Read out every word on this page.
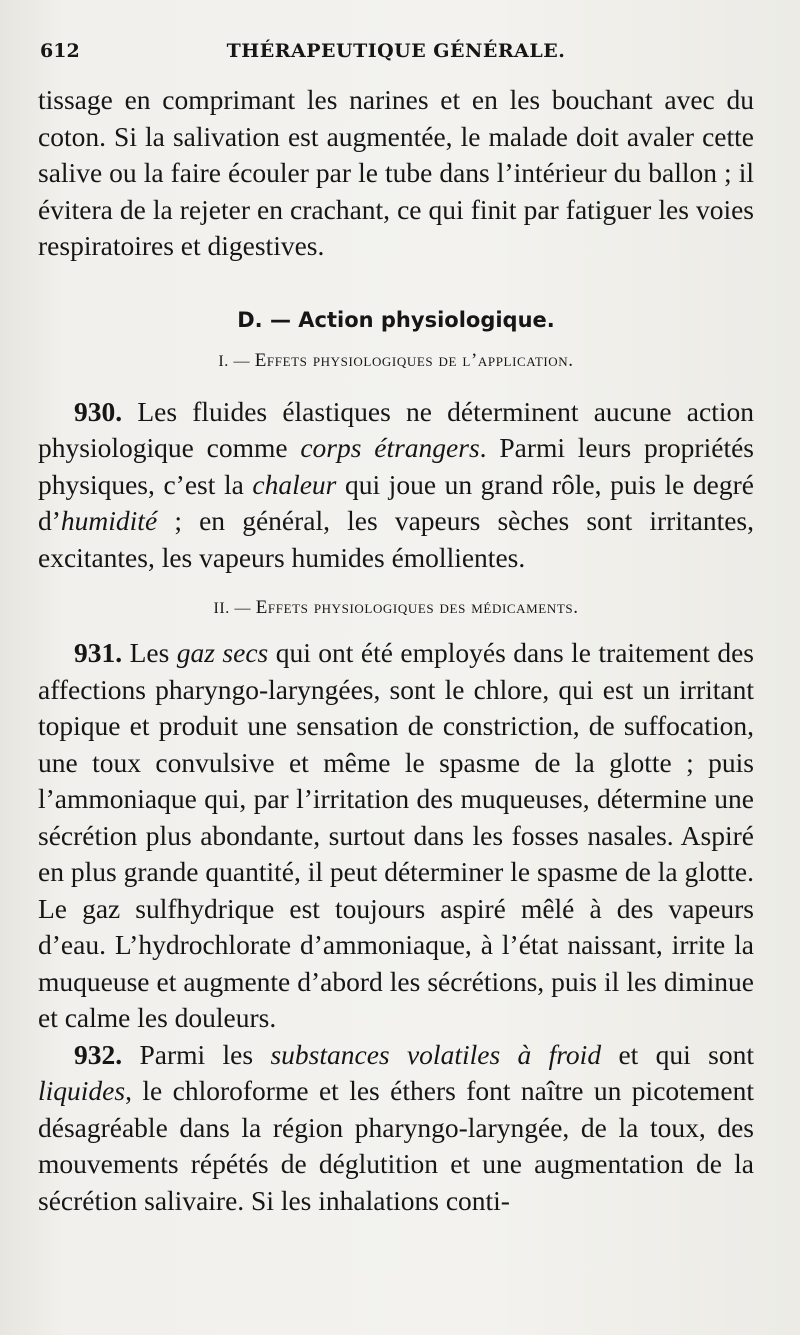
612	THÉRAPEUTIQUE GÉNÉRALE.

tissage en comprimant les narines et en les bouchant avec du coton. Si la salivation est augmentée, le malade doit avaler cette salive ou la faire écouler par le tube dans l’intérieur du ballon ; il évitera de la rejeter en crachant, ce qui finit par fatiguer les voies respiratoires et digestives.

D. — Action physiologique.
I. — Effets physiologiques de l’application.

930. Les fluides élastiques ne déterminent aucune action physiologique comme corps étrangers. Parmi leurs propriétés physiques, c’est la chaleur qui joue un grand rôle, puis le degré d’humidité ; en général, les vapeurs sèches sont irritantes, excitantes, les vapeurs humides émollientes.

II. — Effets physiologiques des médicaments.

931. Les gaz secs qui ont été employés dans le traitement des affections pharyngo-laryngées, sont le chlore, qui est un irritant topique et produit une sensation de constriction, de suffocation, une toux convulsive et même le spasme de la glotte ; puis l’ammoniaque qui, par l’irritation des muqueuses, détermine une sécrétion plus abondante, surtout dans les fosses nasales. Aspiré en plus grande quantité, il peut déterminer le spasme de la glotte. Le gaz sulfhydrique est toujours aspiré mêlé à des vapeurs d’eau. L’hydrochlorate d’ammoniaque, à l’état naissant, irrite la muqueuse et augmente d’abord les sécrétions, puis il les diminue et calme les douleurs.

932. Parmi les substances volatiles à froid et qui sont liquides, le chloroforme et les éthers font naître un picotement désagréable dans la région pharyngo-laryngée, de la toux, des mouvements répétés de déglutition et une augmentation de la sécrétion salivaire. Si les inhalations conti-
